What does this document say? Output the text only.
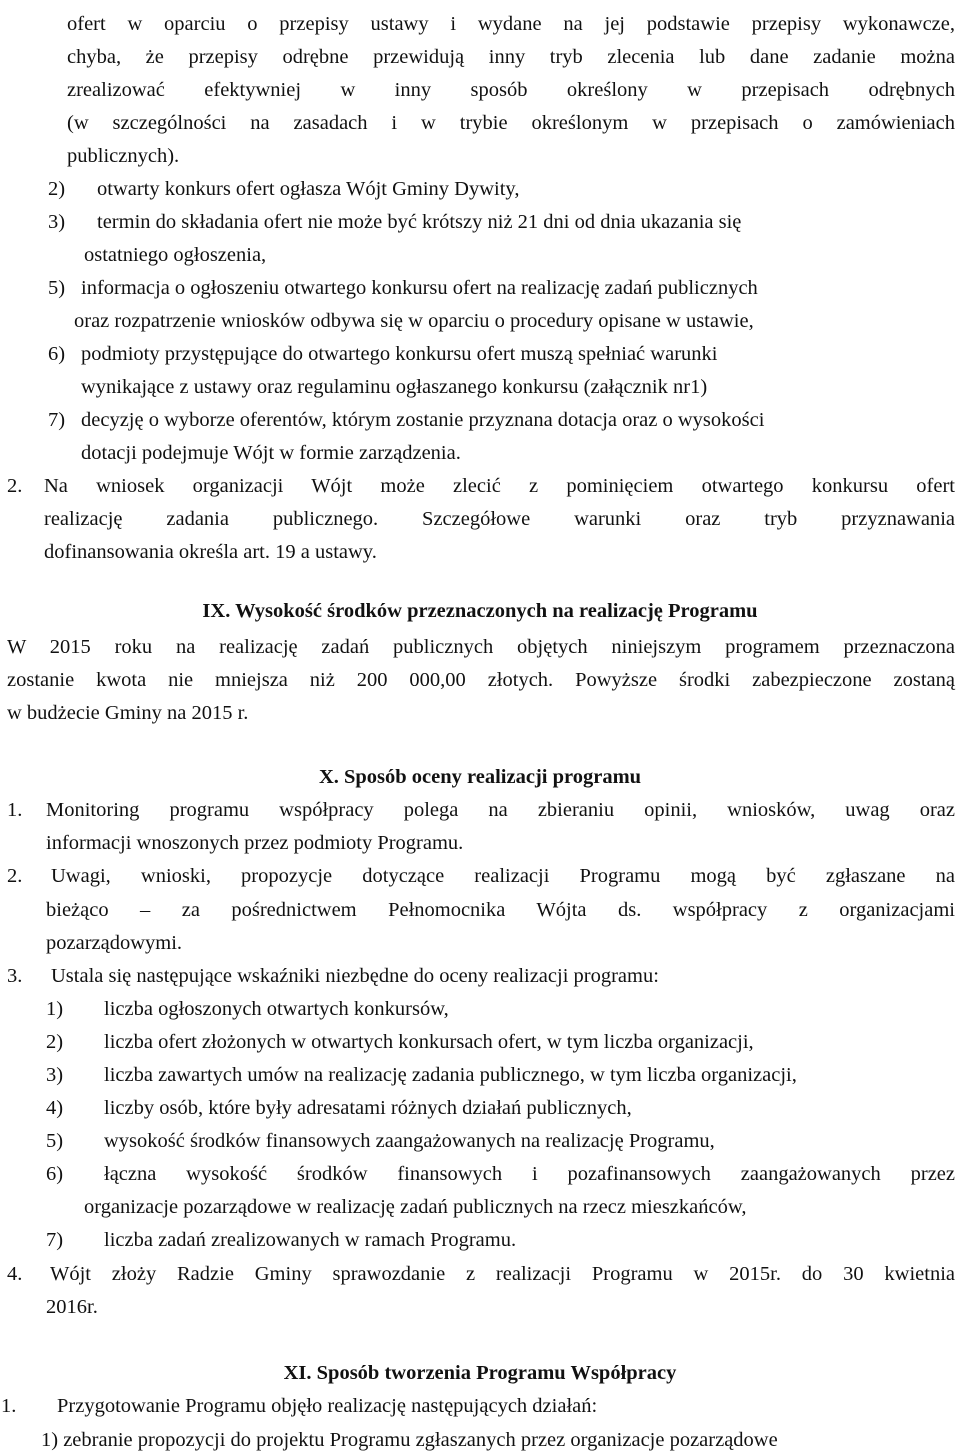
ofert w oparciu o przepisy ustawy i wydane na jej podstawie przepisy wykonawcze,

chyba, że przepisy odrębne przewidują inny tryb zlecenia lub dane zadanie można

zrealizować efektywniej w inny sposób określony w przepisach odrębnych

(w szczególności na zasadach i w trybie określonym w przepisach o zamówieniach

publicznych).

2) otwarty konkurs ofert ogłasza Wójt Gminy Dywity,

3) termin do składania ofert nie może być krótszy niż 21 dni od dnia ukazania się

ostatniego ogłoszenia,

5) informacja o ogłoszeniu otwartego konkursu ofert na realizację zadań publicznych

oraz rozpatrzenie wniosków odbywa się w oparciu o procedury opisane w ustawie,

6) podmioty przystępujące do otwartego konkursu ofert muszą spełniać warunki

wynikające z ustawy oraz regulaminu ogłaszanego konkursu (załącznik nr1)

7) decyzję o wyborze oferentów, którym zostanie przyznana dotacja oraz o wysokości

dotacji podejmuje Wójt w formie zarządzenia.

2. Na wniosek organizacji Wójt może zlecić z pominięciem otwartego konkursu ofert

realizację zadania publicznego. Szczegółowe warunki oraz tryb przyznawania

dofinansowania określa art. 19 a ustawy.

IX. Wysokość środków przeznaczonych na realizację Programu

W 2015 roku na realizację zadań publicznych objętych niniejszym programem przeznaczona

zostanie kwota nie mniejsza niż 200 000,00 złotych. Powyższe środki zabezpieczone zostaną

w budżecie Gminy na 2015 r.

X. Sposób oceny realizacji programu

1. Monitoring programu współpracy polega na zbieraniu opinii, wniosków, uwag oraz

informacji wnoszonych przez podmioty Programu.

2. Uwagi, wnioski, propozycje dotyczące realizacji Programu mogą być zgłaszane na

bieżąco – za pośrednictwem Pełnomocnika Wójta ds. współpracy z organizacjami

pozarządowymi.

3. Ustala się następujące wskaźniki niezbędne do oceny realizacji programu:

1) liczba ogłoszonych otwartych konkursów,

2) liczba ofert złożonych w otwartych konkursach ofert, w tym liczba organizacji,

3) liczba zawartych umów na realizację zadania publicznego, w tym liczba organizacji,

4) liczby osób, które były adresatami różnych działań publicznych,

5) wysokość środków finansowych zaangażowanych na realizację Programu,

6) łączna wysokość środków finansowych i pozafinansowych zaangażowanych przez

organizacje pozarządowe w realizację zadań publicznych na rzecz mieszkańców,

7) liczba zadań zrealizowanych w ramach Programu.

4. Wójt złoży Radzie Gminy sprawozdanie z realizacji Programu w 2015r. do 30 kwietnia

2016r.

XI. Sposób tworzenia Programu Współpracy

1. Przygotowanie Programu objęło realizację następujących działań:

1) zebranie propozycji do projektu Programu zgłaszanych przez organizacje pozarządowe
